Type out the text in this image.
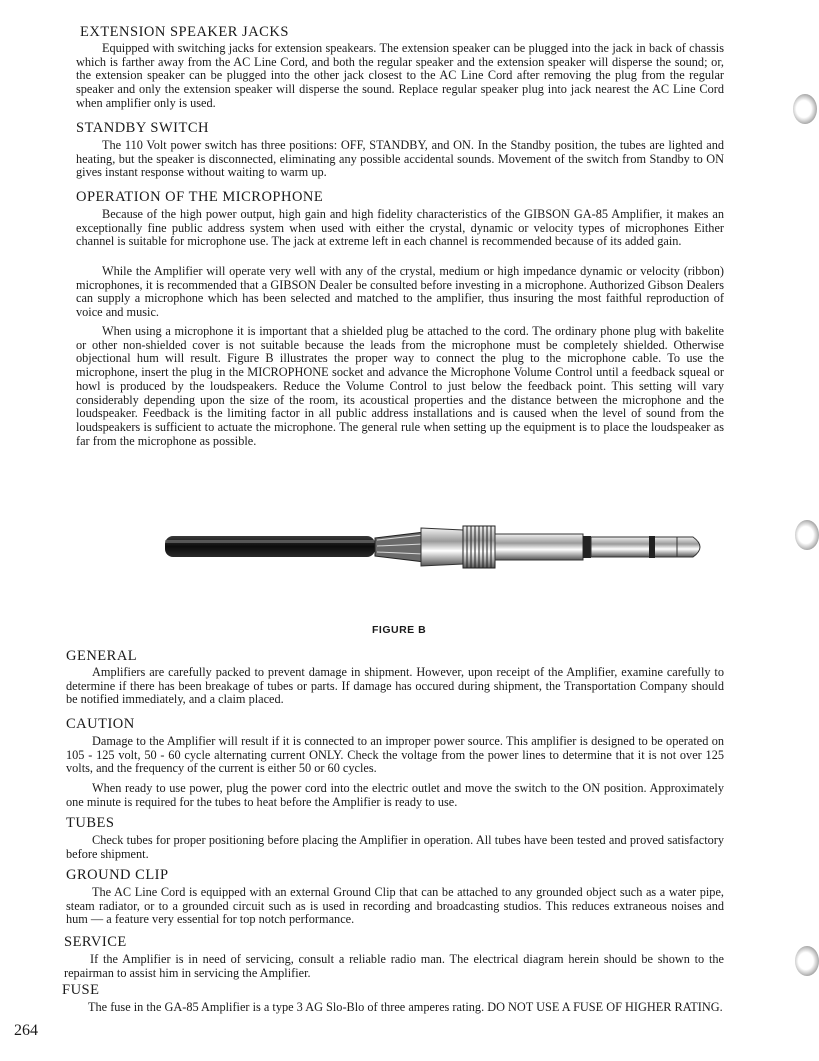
EXTENSION SPEAKER JACKS

Equipped with switching jacks for extension speakears. The extension speaker can be plugged into the jack in back of chassis which is farther away from the AC Line Cord, and both the regular speaker and the extension speaker will disperse the sound; or, the extension speaker can be plugged into the other jack closest to the AC Line Cord after removing the plug from the regular speaker and only the extension speaker will disperse the sound. Replace regular speaker plug into jack nearest the AC Line Cord when amplifier only is used.

STANDBY SWITCH

The 110 Volt power switch has three positions: OFF, STANDBY, and ON. In the Standby position, the tubes are lighted and heating, but the speaker is disconnected, eliminating any possible accidental sounds. Movement of the switch from Standby to ON gives instant response without waiting to warm up.

OPERATION OF THE MICROPHONE

Because of the high power output, high gain and high fidelity characteristics of the GIBSON GA-85 Amplifier, it makes an exceptionally fine public address system when used with either the crystal, dynamic or velocity types of microphones Either channel is suitable for microphone use. The jack at extreme left in each channel is recommended because of its added gain.

While the Amplifier will operate very well with any of the crystal, medium or high impedance dynamic or velocity (ribbon) microphones, it is recommended that a GIBSON Dealer be consulted before investing in a microphone. Authorized Gibson Dealers can supply a microphone which has been selected and matched to the amplifier, thus insuring the most faithful reproduction of voice and music.

When using a microphone it is important that a shielded plug be attached to the cord. The ordinary phone plug with bakelite or other non-shielded cover is not suitable because the leads from the microphone must be completely shielded. Otherwise objectional hum will result. Figure B illustrates the proper way to connect the plug to the microphone cable. To use the microphone, insert the plug in the MICROPHONE socket and advance the Microphone Volume Control until a feedback squeal or howl is produced by the loudspeakers. Reduce the Volume Control to just below the feedback point. This setting will vary considerably depending upon the size of the room, its acoustical properties and the distance between the microphone and the loudspeaker. Feedback is the limiting factor in all public address installations and is caused when the level of sound from the loudspeakers is sufficient to actuate the microphone. The general rule when setting up the equipment is to place the loudspeaker as far from the microphone as possible.

FIGURE B
GENERAL

Amplifiers are carefully packed to prevent damage in shipment. However, upon receipt of the Amplifier, examine carefully to determine if there has been breakage of tubes or parts. If damage has occured during shipment, the Transportation Company should be notified immediately, and a claim placed.

CAUTION

Damage to the Amplifier will result if it is connected to an improper power source. This amplifier is designed to be operated on 105 - 125 volt, 50 - 60 cycle alternating current ONLY. Check the voltage from the power lines to determine that it is not over 125 volts, and the frequency of the current is either 50 or 60 cycles.

When ready to use power, plug the power cord into the electric outlet and move the switch to the ON position. Approximately one minute is required for the tubes to heat before the Amplifier is ready to use.

TUBES

Check tubes for proper positioning before placing the Amplifier in operation. All tubes have been tested and proved satisfactory before shipment.

GROUND CLIP

The AC Line Cord is equipped with an external Ground Clip that can be attached to any grounded object such as a water pipe, steam radiator, or to a grounded circuit such as is used in recording and broadcasting studios. This reduces extraneous noises and hum — a feature very essential for top notch performance.

SERVICE

If the Amplifier is in need of servicing, consult a reliable radio man. The electrical diagram herein should be shown to the repairman to assist him in servicing the Amplifier.

FUSE

The fuse in the GA-85 Amplifier is a type 3 AG Slo-Blo of three amperes rating. DO NOT USE A FUSE OF HIGHER RATING.

264
